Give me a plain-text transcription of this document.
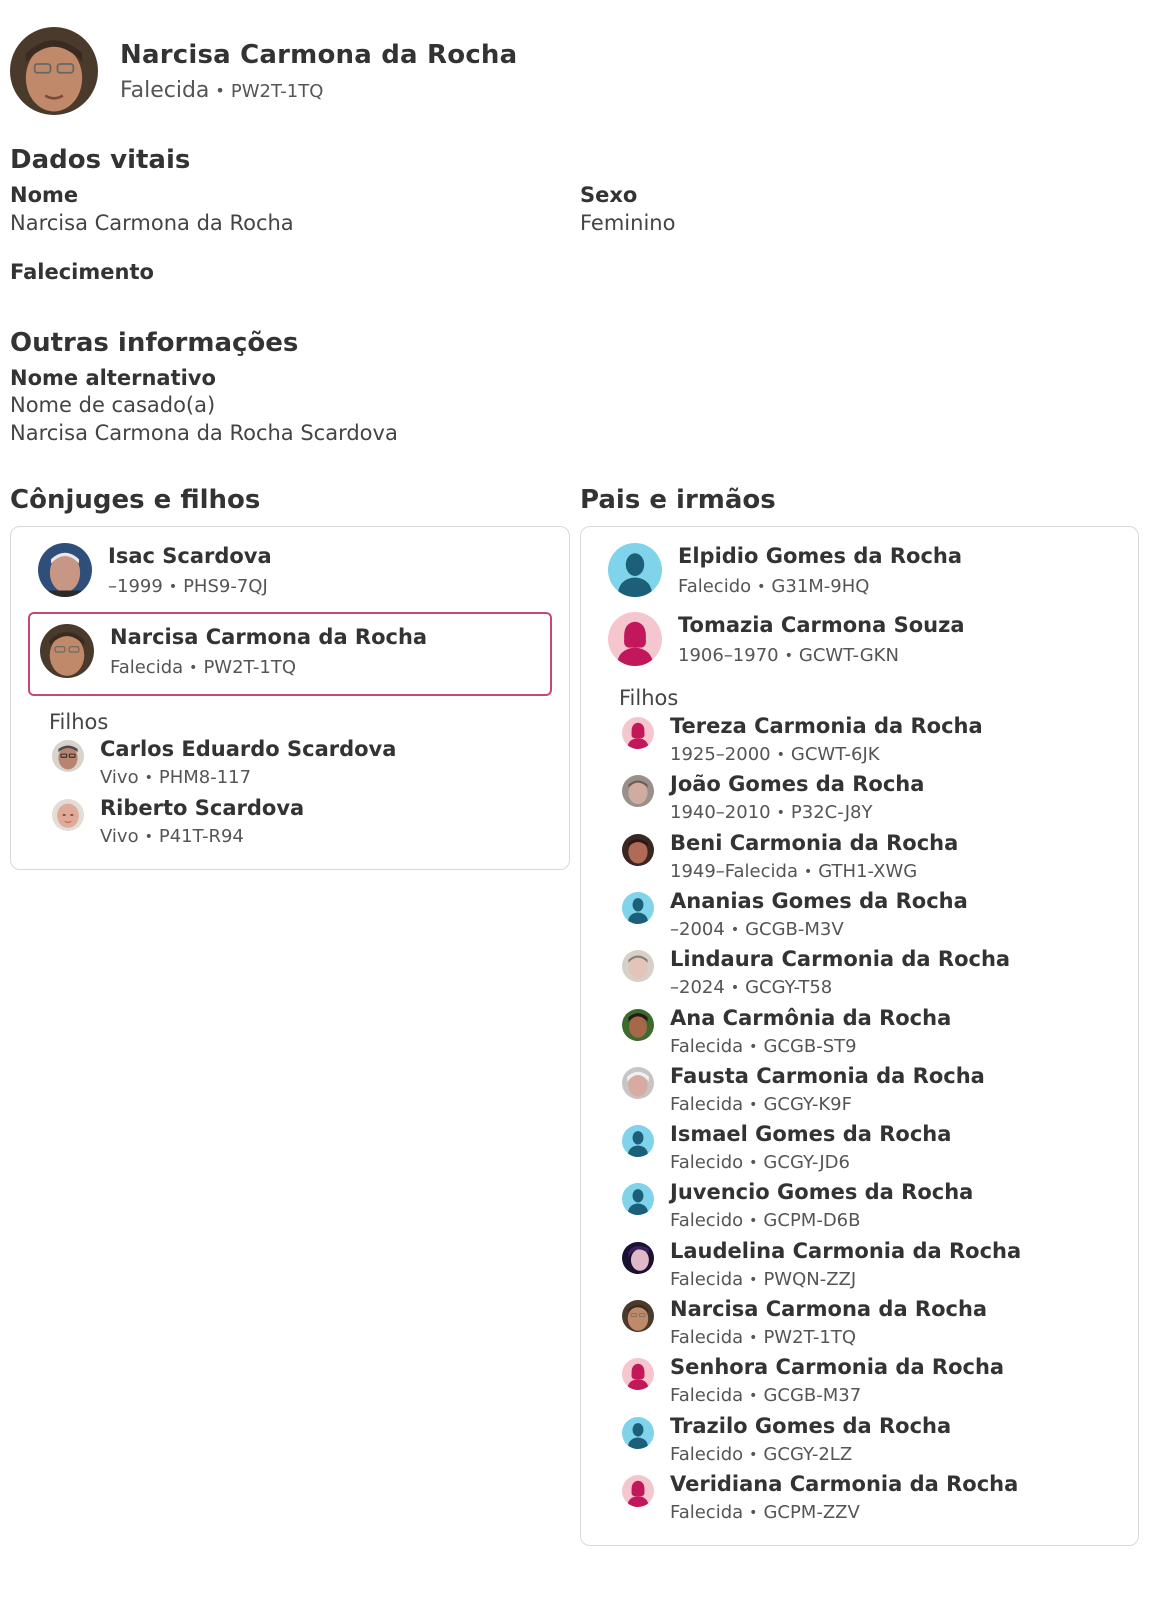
Narcisa Carmona da Rocha
Falecida • PW2T-1TQ
Dados vitais
Nome
Narcisa Carmona da Rocha
Sexo
Feminino
Falecimento
Outras informações
Nome alternativo
Nome de casado(a)
Narcisa Carmona da Rocha Scardova
Cônjuges e filhos
Isac Scardova
–1999 • PHS9-7QJ
Narcisa Carmona da Rocha
Falecida • PW2T-1TQ
Filhos
Carlos Eduardo Scardova
Vivo • PHM8-117
Riberto Scardova
Vivo • P41T-R94
Pais e irmãos
Elpidio Gomes da Rocha
Falecido • G31M-9HQ
Tomazia Carmona Souza
1906–1970 • GCWT-GKN
Filhos
Tereza Carmonia da Rocha
1925–2000 • GCWT-6JK
João Gomes da Rocha
1940–2010 • P32C-J8Y
Beni Carmonia da Rocha
1949–Falecida • GTH1-XWG
Ananias Gomes da Rocha
–2004 • GCGB-M3V
Lindaura Carmonia da Rocha
–2024 • GCGY-T58
Ana Carmônia da Rocha
Falecida • GCGB-ST9
Fausta Carmonia da Rocha
Falecida • GCGY-K9F
Ismael Gomes da Rocha
Falecido • GCGY-JD6
Juvencio Gomes da Rocha
Falecido • GCPM-D6B
Laudelina Carmonia da Rocha
Falecida • PWQN-ZZJ
Narcisa Carmona da Rocha
Falecida • PW2T-1TQ
Senhora Carmonia da Rocha
Falecida • GCGB-M37
Trazilo Gomes da Rocha
Falecido • GCGY-2LZ
Veridiana Carmonia da Rocha
Falecida • GCPM-ZZV
